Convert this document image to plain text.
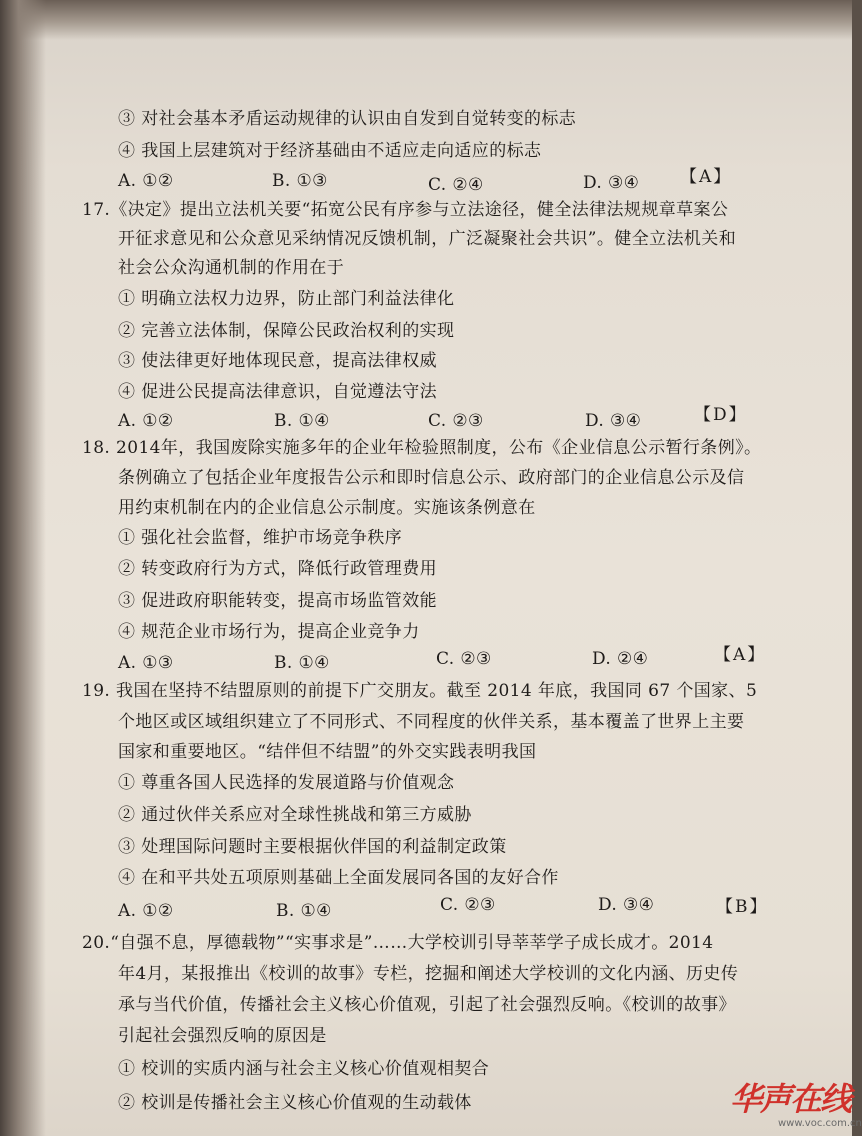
③ 对社会基本矛盾运动规律的认识由自发到自觉转变的标志
④ 我国上层建筑对于经济基础由不适应走向适应的标志
A. ①②	B. ①③	C. ②④	D. ③④ 【A】
17.《决定》提出立法机关要“拓宽公民有序参与立法途径，健全法律法规规章草案公
开征求意见和公众意见采纳情况反馈机制，广泛凝聚社会共识”。健全立法机关和
社会公众沟通机制的作用在于
① 明确立法权力边界，防止部门利益法律化
② 完善立法体制，保障公民政治权利的实现
③ 使法律更好地体现民意，提高法律权威
④ 促进公民提高法律意识，自觉遵法守法
A. ①②	B. ①④	C. ②③	D. ③④	【D】
18. 2014年，我国废除实施多年的企业年检验照制度，公布《企业信息公示暂行条例》。
条例确立了包括企业年度报告公示和即时信息公示、政府部门的企业信息公示及信
用约束机制在内的企业信息公示制度。实施该条例意在
① 强化社会监督，维护市场竞争秩序
② 转变政府行为方式，降低行政管理费用
③ 促进政府职能转变，提高市场监管效能
④ 规范企业市场行为，提高企业竞争力
A. ①③	B. ①④	C. ②③	D. ②④	【A】
19. 我国在坚持不结盟原则的前提下广交朋友。截至 2014 年底，我国同 67 个国家、5
个地区或区域组织建立了不同形式、不同程度的伙伴关系，基本覆盖了世界上主要
国家和重要地区。“结伴但不结盟”的外交实践表明我国
① 尊重各国人民选择的发展道路与价值观念
② 通过伙伴关系应对全球性挑战和第三方威胁
③ 处理国际问题时主要根据伙伴国的利益制定政策
④ 在和平共处五项原则基础上全面发展同各国的友好合作
A. ①②	B. ①④	C. ②③	D. ③④	【B】
20.“自强不息，厚德载物”“实事求是”……大学校训引导莘莘学子成长成才。2014
年4月，某报推出《校训的故事》专栏，挖掘和阐述大学校训的文化内涵、历史传
承与当代价值，传播社会主义核心价值观，引起了社会强烈反响。《校训的故事》
引起社会强烈反响的原因是
① 校训的实质内涵与社会主义核心价值观相契合
② 校训是传播社会主义核心价值观的生动载体	华声在线
www.voc.com.cn
